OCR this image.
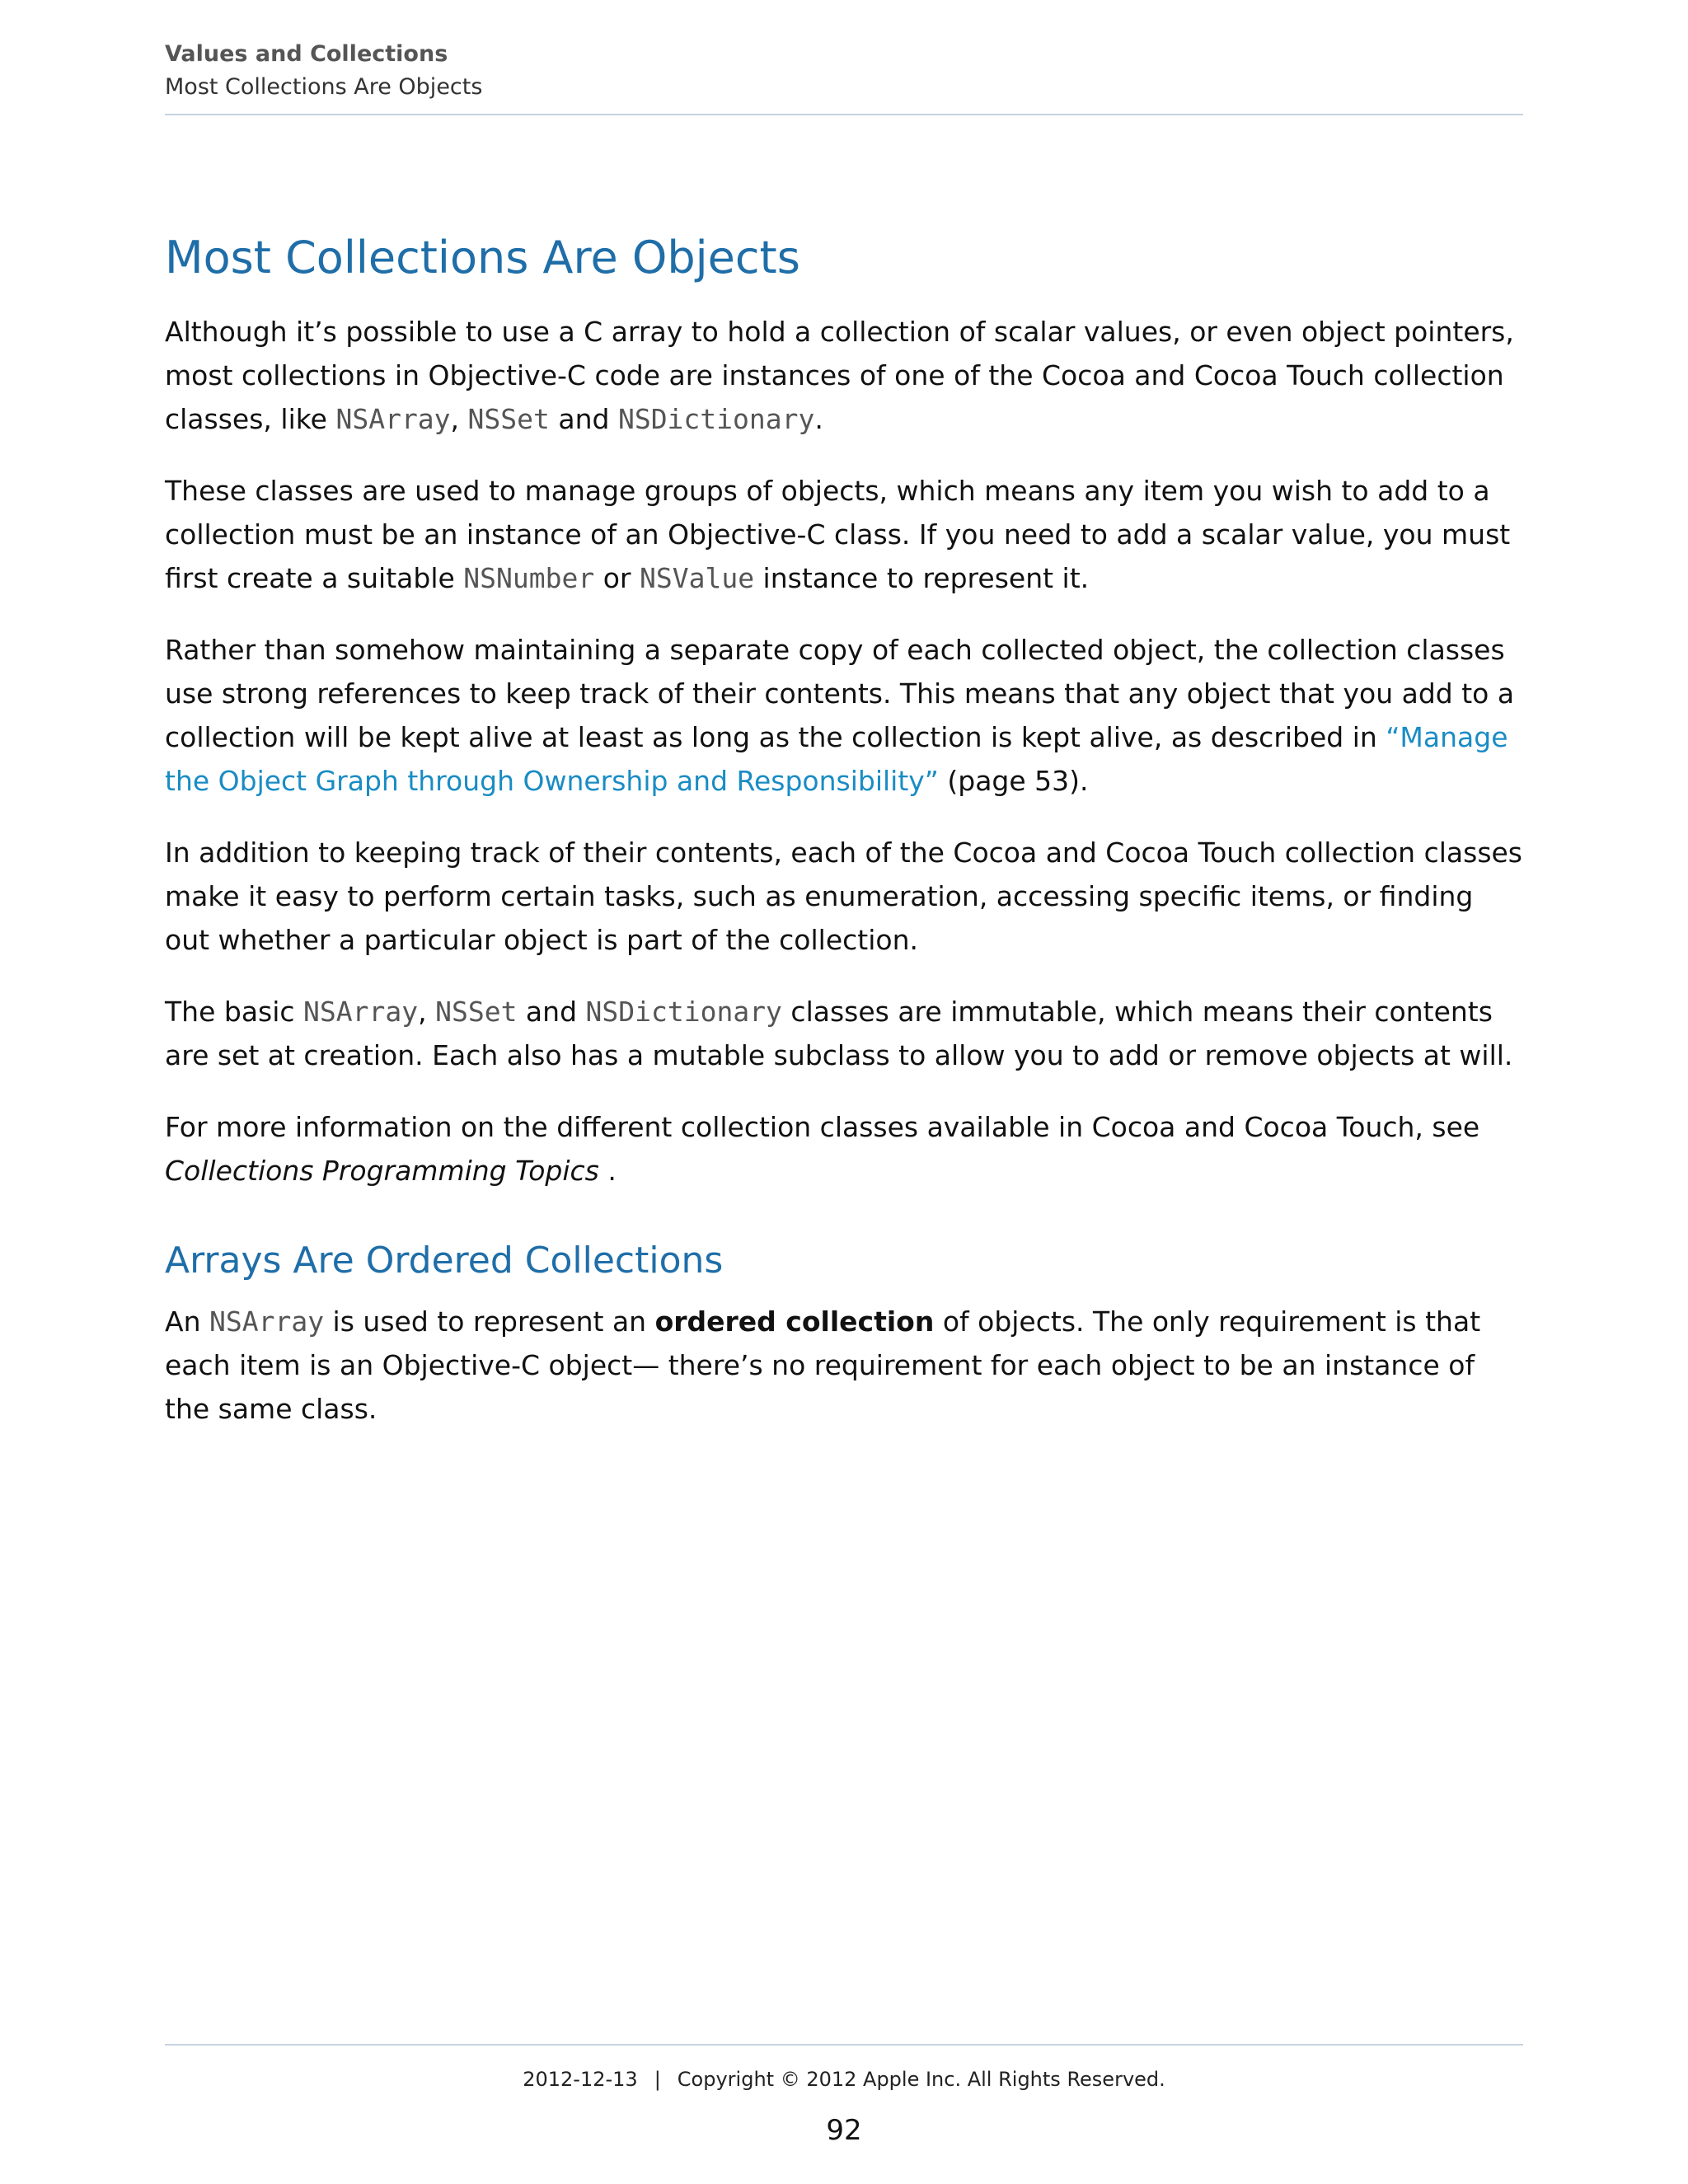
Values and Collections
Most Collections Are Objects
Most Collections Are Objects

Although it’s possible to use a C array to hold a collection of scalar values, or even object pointers, most collections in Objective-C code are instances of one of the Cocoa and Cocoa Touch collection classes, like NSArray, NSSet and NSDictionary.

These classes are used to manage groups of objects, which means any item you wish to add to a collection must be an instance of an Objective-C class. If you need to add a scalar value, you must first create a suitable NSNumber or NSValue instance to represent it.

Rather than somehow maintaining a separate copy of each collected object, the collection classes use strong references to keep track of their contents. This means that any object that you add to a collection will be kept alive at least as long as the collection is kept alive, as described in “Manage the Object Graph through Ownership and Responsibility” (page 53).

In addition to keeping track of their contents, each of the Cocoa and Cocoa Touch collection classes make it easy to perform certain tasks, such as enumeration, accessing specific items, or finding out whether a particular object is part of the collection.

The basic NSArray, NSSet and NSDictionary classes are immutable, which means their contents are set at creation. Each also has a mutable subclass to allow you to add or remove objects at will.

For more information on the different collection classes available in Cocoa and Cocoa Touch, see Collections Programming Topics .

Arrays Are Ordered Collections

An NSArray is used to represent an ordered collection of objects. The only requirement is that each item is an Objective-C object— there’s no requirement for each object to be an instance of the same class.

2012-12-13 | Copyright © 2012 Apple Inc. All Rights Reserved.
92
